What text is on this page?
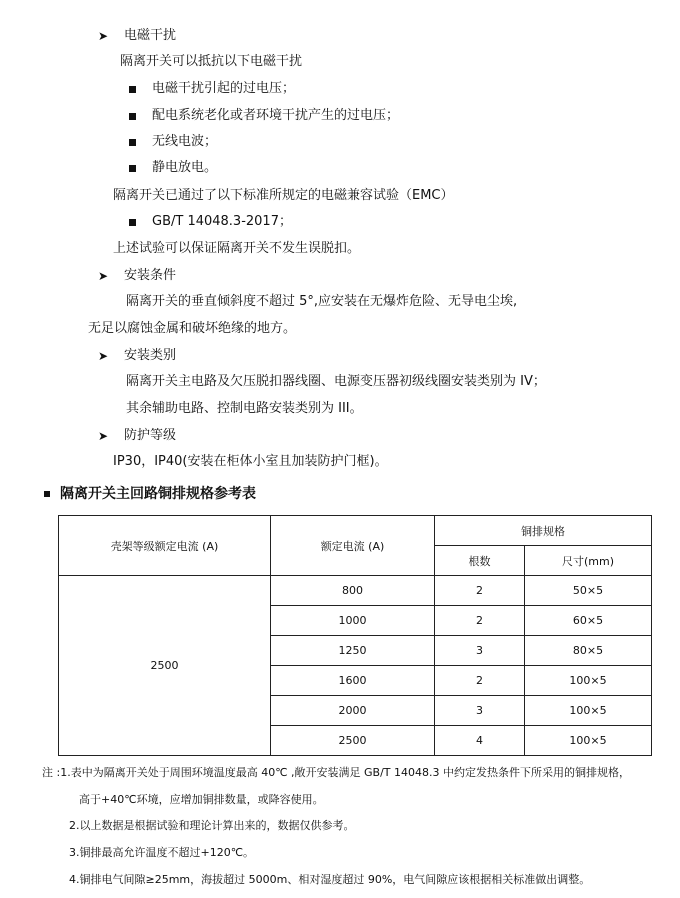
➤ 电磁干扰
隔离开关可以抵抗以下电磁干扰
电磁干扰引起的过电压；
配电系统老化或者环境干扰产生的过电压；
无线电波；
静电放电。
隔离开关已通过了以下标准所规定的电磁兼容试验（EMC）
GB/T 14048.3-2017；
上述试验可以保证隔离开关不发生误脱扣。
➤ 安装条件
隔离开关的垂直倾斜度不超过 5°,应安装在无爆炸危险、无导电尘埃,
无足以腐蚀金属和破坏绝缘的地方。
➤ 安装类别
隔离开关主电路及欠压脱扣器线圈、电源变压器初级线圈安装类别为 IV；
其余辅助电路、控制电路安装类别为 III。
➤ 防护等级
IP30，IP40(安装在柜体小室且加装防护门框)。
隔离开关主回路铜排规格参考表
壳架等级额定电流 (A)	额定电流 (A)	铜排规格	
		根数	尺寸(mm)
2500	800	2	50×5
	1000	2	60×5
	1250	3	80×5
	1600	2	100×5
	2000	3	100×5
	2500	4	100×5
注 :1.表中为隔离开关处于周围环境温度最高 40℃ ,敞开安装满足 GB/T 14048.3 中约定发热条件下所采用的铜排规格，
高于+40℃环境，应增加铜排数量，或降容使用。
2.以上数据是根据试验和理论计算出来的，数据仅供参考。
3.铜排最高允许温度不超过+120℃。
4.铜排电气间隙≥25mm，海拔超过 5000m、相对湿度超过 90%，电气间隙应该根据相关标准做出调整。
